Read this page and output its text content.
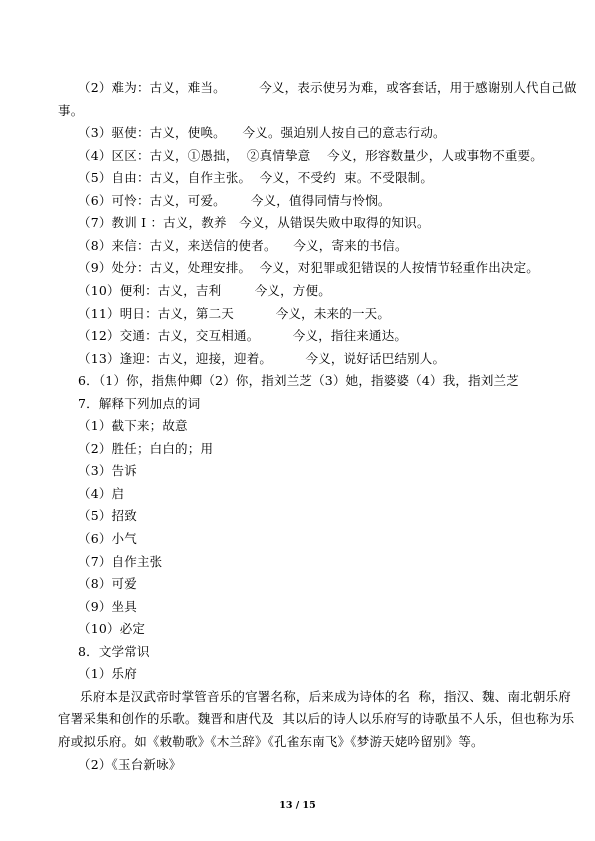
（2）难为：古义，难当。        今义，表示使另为难，或客套话，用于感谢别人代自己做
事。
（3）驱使：古义，使唤。    今义。强迫别人按自己的意志行动。
（4）区区：古义，①愚拙，  ②真情挚意    今义，形容数量少，人或事物不重要。
（5）自由：古义，自作主张。  今义，不受约  束。不受限制。
（6）可怜：古义，可爱。      今义，值得同情与怜悯。
（7）教训 I ：古义，教养   今义，从错误失败中取得的知识。
（8）来信：古义，来送信的使者。    今义，寄来的书信。
（9）处分：古义，处理安排。  今义，对犯罪或犯错误的人按情节轻重作出决定。
（10）便利：古义，吉利        今义，方便。
（11）明日：古义，第二天          今义，未来的一天。
（12）交通：古义，交互相通。        今义，指往来通达。
（13）逢迎：古义，迎接，迎着。        今义，说好话巴结别人。
6．（1）你，指焦仲卿（2）你，指刘兰芝（3）她，指婆婆（4）我，指刘兰芝
7．解释下列加点的词
（1）截下来；故意
（2）胜任；白白的；用
（3）告诉
（4）启
（5）招致
（6）小气
（7）自作主张
（8）可爱
（9）坐具
（10）必定
8．文学常识
（1）乐府
乐府本是汉武帝时掌管音乐的官署名称，后来成为诗体的名  称，指汉、魏、南北朝乐府
官署采集和创作的乐歌。魏晋和唐代及  其以后的诗人以乐府写的诗歌虽不人乐，但也称为乐
府或拟乐府。如《敕勒歌》《木兰辞》《孔雀东南飞》《梦游天姥吟留别》等。
（2）《玉台新咏》
13 / 15
